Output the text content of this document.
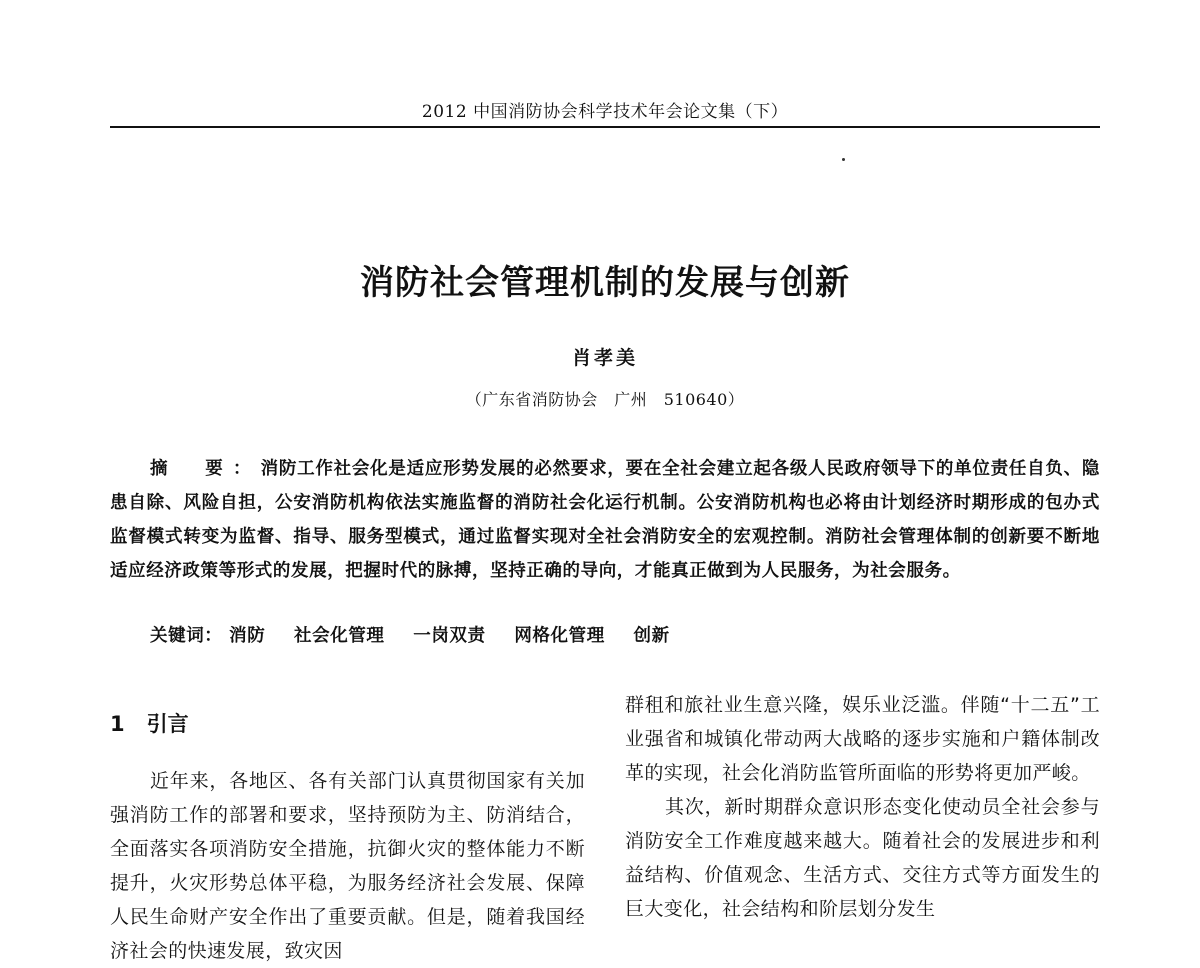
2012 中国消防协会科学技术年会论文集（下）
消防社会管理机制的发展与创新
肖孝美
（广东省消防协会　广州　510640）
摘　要：消防工作社会化是适应形势发展的必然要求，要在全社会建立起各级人民政府领导下的单位责任自负、隐患自除、风险自担，公安消防机构依法实施监督的消防社会化运行机制。公安消防机构也必将由计划经济时期形成的包办式监督模式转变为监督、指导、服务型模式，通过监督实现对全社会消防安全的宏观控制。消防社会管理体制的创新要不断地适应经济政策等形式的发展，把握时代的脉搏，坚持正确的导向，才能真正做到为人民服务，为社会服务。
关键词： 消防 社会化管理 一岗双责 网格化管理 创新
1 引言

近年来，各地区、各有关部门认真贯彻国家有关加强消防工作的部署和要求，坚持预防为主、防消结合，全面落实各项消防安全措施，抗御火灾的整体能力不断提升，火灾形势总体平稳，为服务经济社会发展、保障人民生命财产安全作出了重要贡献。但是，随着我国经济社会的快速发展，致灾因

群租和旅社业生意兴隆，娱乐业泛滥。伴随“十二五”工业强省和城镇化带动两大战略的逐步实施和户籍体制改革的实现，社会化消防监管所面临的形势将更加严峻。

其次，新时期群众意识形态变化使动员全社会参与消防安全工作难度越来越大。随着社会的发展进步和利益结构、价值观念、生活方式、交往方式等方面发生的巨大变化，社会结构和阶层划分发生
